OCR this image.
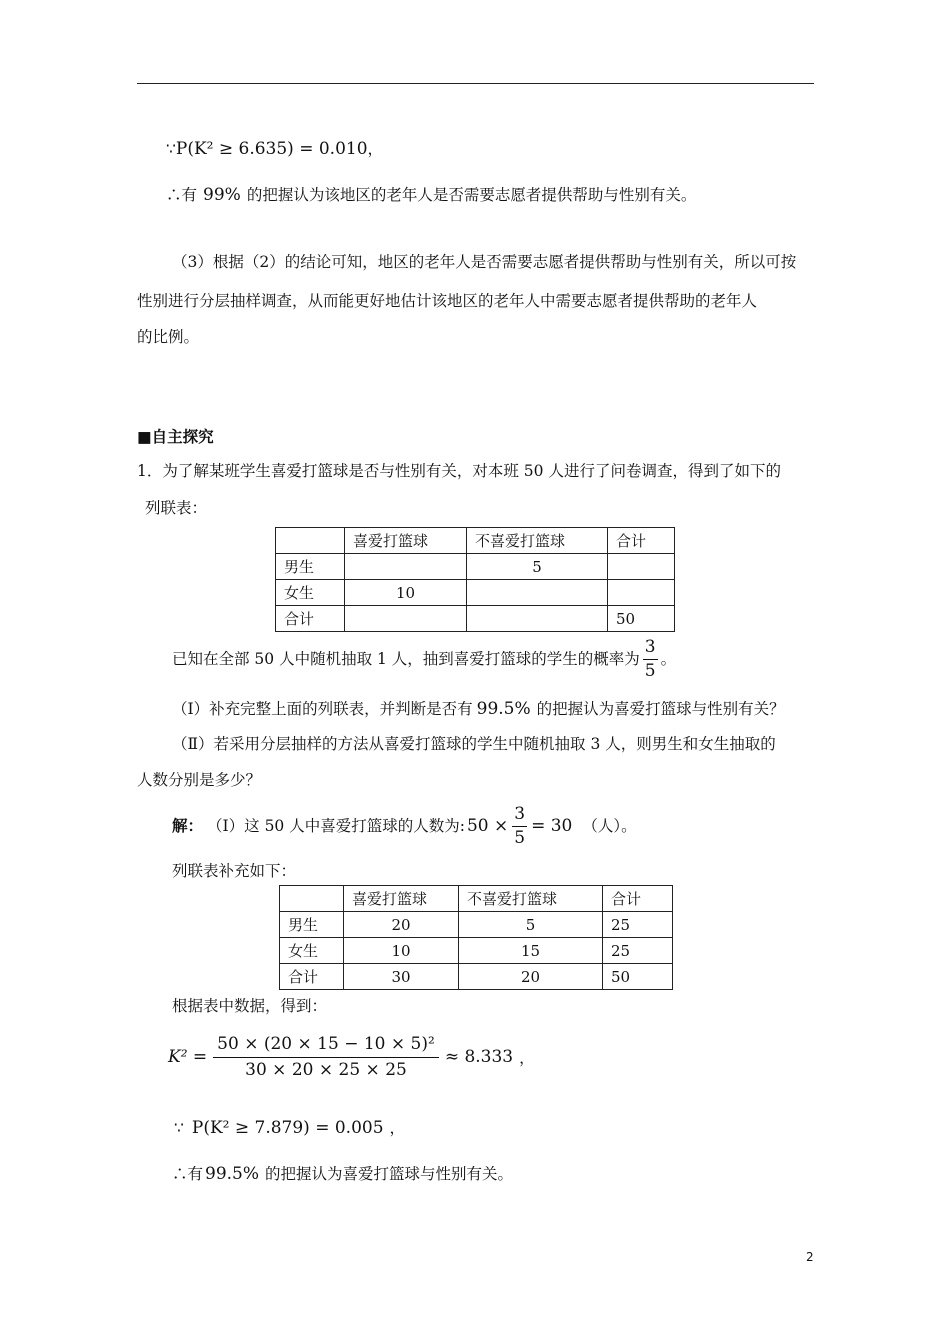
∵P(K² ≥ 6.635) = 0.010，
∴有 99% 的把握认为该地区的老年人是否需要志愿者提供帮助与性别有关。
（3）根据（2）的结论可知，地区的老年人是否需要志愿者提供帮助与性别有关，所以可按
性别进行分层抽样调查，从而能更好地估计该地区的老年人中需要志愿者提供帮助的老年人
的比例。
■自主探究
1．为了解某班学生喜爱打篮球是否与性别有关，对本班 50 人进行了问卷调查，得到了如下的
列联表：
	喜爱打篮球	不喜爱打篮球	合计
男生		5	
女生	10		
合计			50
已知在全部 50 人中随机抽取 1 人，抽到喜爱打篮球的学生的概率为 $\frac{3}{5}$ 。
（Ⅰ）补充完整上面的列联表，并判断是否有 99.5% 的把握认为喜爱打篮球与性别有关？
（Ⅱ）若采用分层抽样的方法从喜爱打篮球的学生中随机抽取 3 人，则男生和女生抽取的
人数分别是多少？
解： （Ⅰ）这 50 人中喜爱打篮球的人数为: $50 \times \frac{3}{5} = 30$ （人）。
列联表补充如下：
	喜爱打篮球	不喜爱打篮球	合计
男生	20	5	25
女生	10	15	25
合计	30	20	50
根据表中数据，得到：
$K^2 = \frac{\text{50 × (20 × 15 − 10 × 5)²}}{30 \times 20 \times 25 \times 25} \approx 8.333$ ，
∵ P(K² ≥ 7.879) = 0.005 ，
∴有 99.5% 的把握认为喜爱打篮球与性别有关。
2
